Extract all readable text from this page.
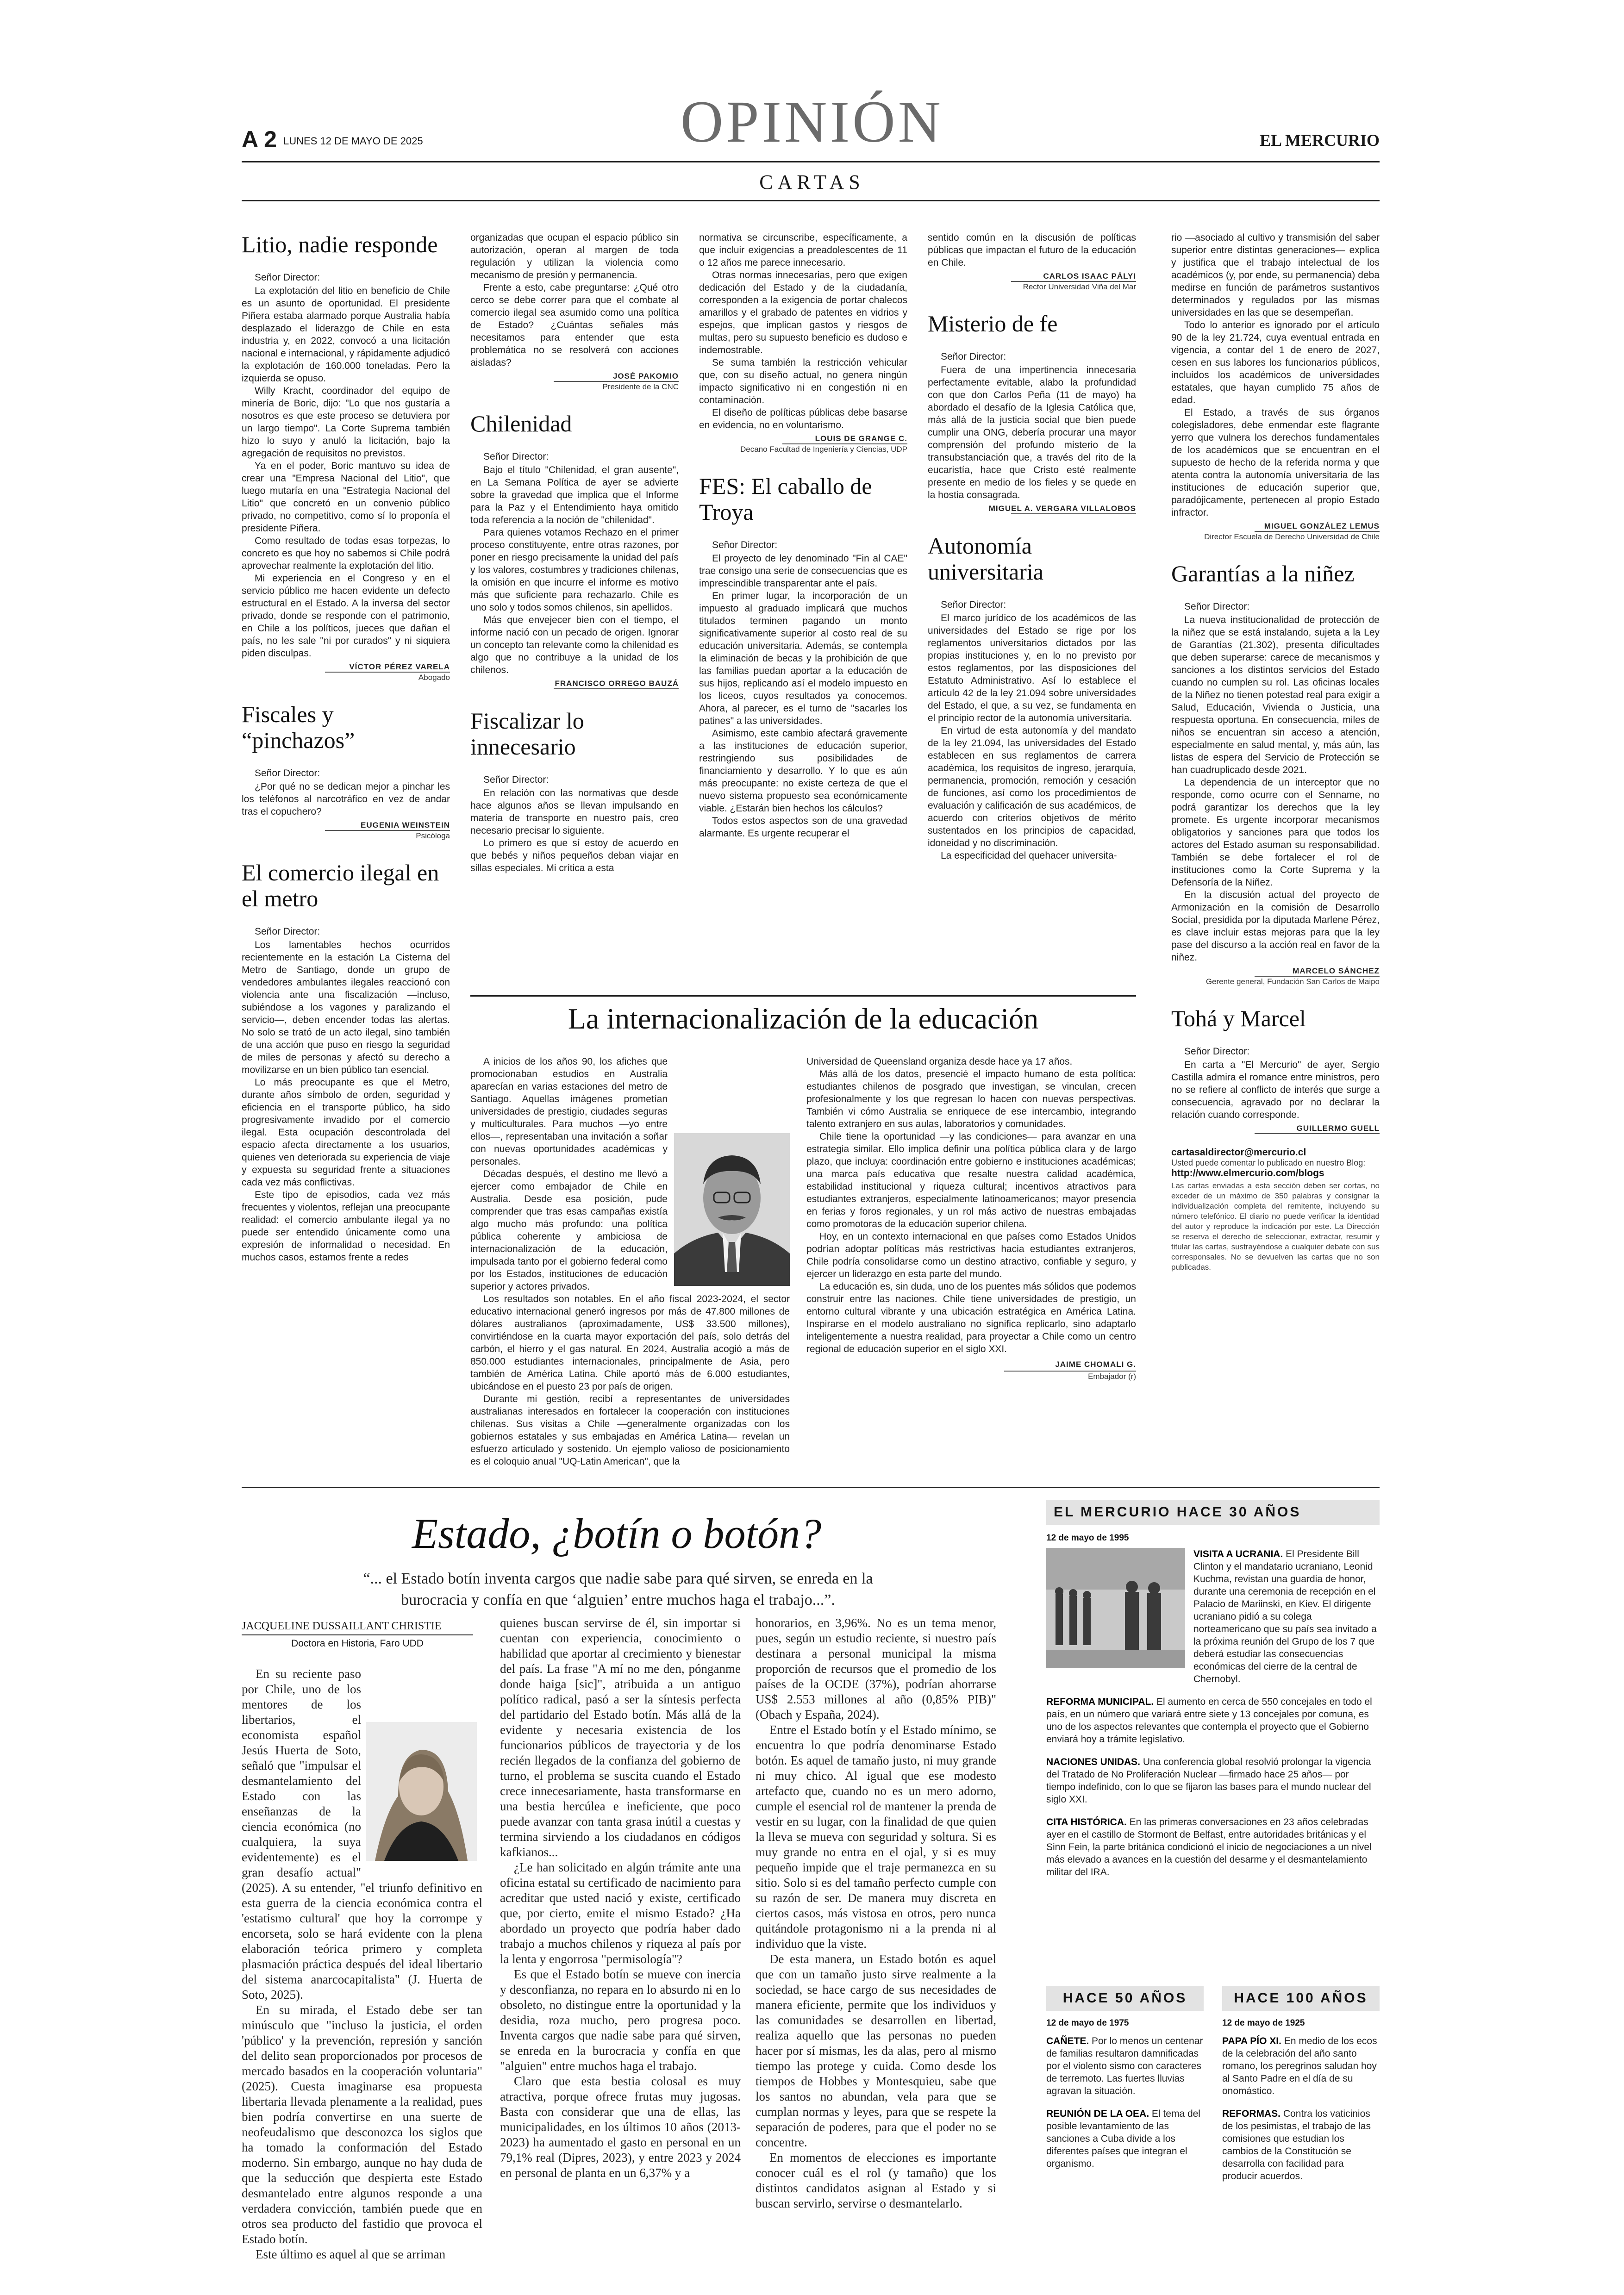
A 2 LUNES 12 DE MAYO DE 2025	OPINIÓN	EL MERCURIO
CARTAS
Litio, nadie responde
Señor Director:

La explotación del litio en beneficio de Chile es un asunto de oportunidad. El presidente Piñera estaba alarmado porque Australia había desplazado el liderazgo de Chile en esta industria y, en 2022, convocó a una licitación nacional e internacional, y rápidamente adjudicó la explotación de 160.000 toneladas. Pero la izquierda se opuso.

Willy Kracht, coordinador del equipo de minería de Boric, dijo: "Lo que nos gustaría a nosotros es que este proceso se detuviera por un largo tiempo". La Corte Suprema también hizo lo suyo y anuló la licitación, bajo la agregación de requisitos no previstos.

Ya en el poder, Boric mantuvo su idea de crear una "Empresa Nacional del Litio", que luego mutaría en una "Estrategia Nacional del Litio" que concretó en un convenio público privado, no competitivo, como sí lo proponía el presidente Piñera.

Como resultado de todas esas torpezas, lo concreto es que hoy no sabemos si Chile podrá aprovechar realmente la explotación del litio.

Mi experiencia en el Congreso y en el servicio público me hacen evidente un defecto estructural en el Estado. A la inversa del sector privado, donde se responde con el patrimonio, en Chile a los políticos, jueces que dañan el país, no les sale "ni por curados" y ni siquiera piden disculpas.

VÍCTOR PÉREZ VARELA
Abogado
Fiscales y “pinchazos”
Señor Director:

¿Por qué no se dedican mejor a pinchar les los teléfonos al narcotráfico en vez de andar tras el copuchero?

EUGENIA WEINSTEIN
Psicóloga
El comercio ilegal en el metro
Señor Director:

Los lamentables hechos ocurridos recientemente en la estación La Cisterna del Metro de Santiago, donde un grupo de vendedores ambulantes ilegales reaccionó con violencia ante una fiscalización —incluso, subiéndose a los vagones y paralizando el servicio—, deben encender todas las alertas. No solo se trató de un acto ilegal, sino también de una acción que puso en riesgo la seguridad de miles de personas y afectó su derecho a movilizarse en un bien público tan esencial.

Lo más preocupante es que el Metro, durante años símbolo de orden, seguridad y eficiencia en el transporte público, ha sido progresivamente invadido por el comercio ilegal. Esta ocupación descontrolada del espacio afecta directamente a los usuarios, quienes ven deteriorada su experiencia de viaje y expuesta su seguridad frente a situaciones cada vez más conflictivas.

Este tipo de episodios, cada vez más frecuentes y violentos, reflejan una preocupante realidad: el comercio ambulante ilegal ya no puede ser entendido únicamente como una expresión de informalidad o necesidad. En muchos casos, estamos frente a redes

organizadas que ocupan el espacio público sin autorización, operan al margen de toda regulación y utilizan la violencia como mecanismo de presión y permanencia.

Frente a esto, cabe preguntarse: ¿Qué otro cerco se debe correr para que el combate al comercio ilegal sea asumido como una política de Estado? ¿Cuántas señales más necesitamos para entender que esta problemática no se resolverá con acciones aisladas?

JOSÉ PAKOMIO
Presidente de la CNC
Chilenidad
Señor Director:

Bajo el título "Chilenidad, el gran ausente", en La Semana Política de ayer se advierte sobre la gravedad que implica que el Informe para la Paz y el Entendimiento haya omitido toda referencia a la noción de "chilenidad".

Para quienes votamos Rechazo en el primer proceso constituyente, entre otras razones, por poner en riesgo precisamente la unidad del país y los valores, costumbres y tradiciones chilenas, la omisión en que incurre el informe es motivo más que suficiente para rechazarlo. Chile es uno solo y todos somos chilenos, sin apellidos.

Más que envejecer bien con el tiempo, el informe nació con un pecado de origen. Ignorar un concepto tan relevante como la chilenidad es algo que no contribuye a la unidad de los chilenos.

FRANCISCO ORREGO BAUZÁ
Fiscalizar lo innecesario
Señor Director:

En relación con las normativas que desde hace algunos años se llevan impulsando en materia de transporte en nuestro país, creo necesario precisar lo siguiente.

Lo primero es que sí estoy de acuerdo en que bebés y niños pequeños deban viajar en sillas especiales. Mi crítica a esta

normativa se circunscribe, específicamente, a que incluir exigencias a preadolescentes de 11 o 12 años me parece innecesario.

Otras normas innecesarias, pero que exigen dedicación del Estado y de la ciudadanía, corresponden a la exigencia de portar chalecos amarillos y el grabado de patentes en vidrios y espejos, que implican gastos y riesgos de multas, pero su supuesto beneficio es dudoso e indemostrable.

Se suma también la restricción vehicular que, con su diseño actual, no genera ningún impacto significativo ni en congestión ni en contaminación.

El diseño de políticas públicas debe basarse en evidencia, no en voluntarismo.

LOUIS DE GRANGE C.
Decano Facultad de Ingeniería y Ciencias, UDP
FES: El caballo de Troya
Señor Director:

El proyecto de ley denominado "Fin al CAE" trae consigo una serie de consecuencias que es imprescindible transparentar ante el país.

En primer lugar, la incorporación de un impuesto al graduado implicará que muchos titulados terminen pagando un monto significativamente superior al costo real de su educación universitaria. Además, se contempla la eliminación de becas y la prohibición de que las familias puedan aportar a la educación de sus hijos, replicando así el modelo impuesto en los liceos, cuyos resultados ya conocemos. Ahora, al parecer, es el turno de "sacarles los patines" a las universidades.

Asimismo, este cambio afectará gravemente a las instituciones de educación superior, restringiendo sus posibilidades de financiamiento y desarrollo. Y lo que es aún más preocupante: no existe certeza de que el nuevo sistema propuesto sea económicamente viable. ¿Estarán bien hechos los cálculos?

Todos estos aspectos son de una gravedad alarmante. Es urgente recuperar el

sentido común en la discusión de políticas públicas que impactan el futuro de la educación en Chile.

CARLOS ISAAC PÁLYI
Rector Universidad Viña del Mar
Misterio de fe
Señor Director:

Fuera de una impertinencia innecesaria perfectamente evitable, alabo la profundidad con que don Carlos Peña (11 de mayo) ha abordado el desafío de la Iglesia Católica que, más allá de la justicia social que bien puede cumplir una ONG, debería procurar una mayor comprensión del profundo misterio de la transubstanciación que, a través del rito de la eucaristía, hace que Cristo esté realmente presente en medio de los fieles y se quede en la hostia consagrada.

MIGUEL A. VERGARA VILLALOBOS
Autonomía universitaria
Señor Director:

El marco jurídico de los académicos de las universidades del Estado se rige por los reglamentos universitarios dictados por las propias instituciones y, en lo no previsto por estos reglamentos, por las disposiciones del Estatuto Administrativo. Así lo establece el artículo 42 de la ley 21.094 sobre universidades del Estado, el que, a su vez, se fundamenta en el principio rector de la autonomía universitaria.

En virtud de esta autonomía y del mandato de la ley 21.094, las universidades del Estado establecen en sus reglamentos de carrera académica, los requisitos de ingreso, jerarquía, permanencia, promoción, remoción y cesación de funciones, así como los procedimientos de evaluación y calificación de sus académicos, de acuerdo con criterios objetivos de mérito sustentados en los principios de capacidad, idoneidad y no discriminación.

La especificidad del quehacer universita-

rio —asociado al cultivo y transmisión del saber superior entre distintas generaciones— explica y justifica que el trabajo intelectual de los académicos (y, por ende, su permanencia) deba medirse en función de parámetros sustantivos determinados y regulados por las mismas universidades en las que se desempeñan.

Todo lo anterior es ignorado por el artículo 90 de la ley 21.724, cuya eventual entrada en vigencia, a contar del 1 de enero de 2027, cesen en sus labores los funcionarios públicos, incluidos los académicos de universidades estatales, que hayan cumplido 75 años de edad.

El Estado, a través de sus órganos colegisladores, debe enmendar este flagrante yerro que vulnera los derechos fundamentales de los académicos que se encuentran en el supuesto de hecho de la referida norma y que atenta contra la autonomía universitaria de las instituciones de educación superior que, paradójicamente, pertenecen al propio Estado infractor.

MIGUEL GONZÁLEZ LEMUS
Director Escuela de Derecho Universidad de Chile
Garantías a la niñez
Señor Director:

La nueva institucionalidad de protección de la niñez que se está instalando, sujeta a la Ley de Garantías (21.302), presenta dificultades que deben superarse: carece de mecanismos y sanciones a los distintos servicios del Estado cuando no cumplen su rol. Las oficinas locales de la Niñez no tienen potestad real para exigir a Salud, Educación, Vivienda o Justicia, una respuesta oportuna. En consecuencia, miles de niños se encuentran sin acceso a atención, especialmente en salud mental, y, más aún, las listas de espera del Servicio de Protección se han cuadruplicado desde 2021.

La dependencia de un interceptor que no responde, como ocurre con el Senname, no podrá garantizar los derechos que la ley promete. Es urgente incorporar mecanismos obligatorios y sanciones para que todos los actores del Estado asuman su responsabilidad. También se debe fortalecer el rol de instituciones como la Corte Suprema y la Defensoría de la Niñez.

En la discusión actual del proyecto de Armonización en la comisión de Desarrollo Social, presidida por la diputada Marlene Pérez, es clave incluir estas mejoras para que la ley pase del discurso a la acción real en favor de la niñez.

MARCELO SÁNCHEZ
Gerente general, Fundación San Carlos de Maipo
Tohá y Marcel
Señor Director:

En carta a "El Mercurio" de ayer, Sergio Castilla admira el romance entre ministros, pero no se refiere al conflicto de interés que surge a consecuencia, agravado por no declarar la relación cuando corresponde.

GUILLERMO GUELL
cartasaldirector@mercurio.cl
Usted puede comentar lo publicado en nuestro Blog:
http://www.elmercurio.com/blogs
Las cartas enviadas a esta sección deben ser cortas, no exceder de un máximo de 350 palabras y consignar la individualización completa del remitente, incluyendo su número telefónico. El diario no puede verificar la identidad del autor y reproduce la indicación por este. La Dirección se reserva el derecho de seleccionar, extractar, resumir y titular las cartas, sustrayéndose a cualquier debate con sus corresponsales. No se devuelven las cartas que no son publicadas.
La internacionalización de la educación

A inicios de los años 90, los afiches que promocionaban estudios en Australia aparecían en varias estaciones del metro de Santiago. Aquellas imágenes prometían universidades de prestigio, ciudades seguras y multiculturales. Para muchos —yo entre ellos—, representaban una invitación a soñar con nuevas oportunidades académicas y personales.

Décadas después, el destino me llevó a ejercer como embajador de Chile en Australia. Desde esa posición, pude comprender que tras esas campañas existía algo mucho más profundo: una política pública coherente y ambiciosa de internacionalización de la educación, impulsada tanto por el gobierno federal como por los Estados, instituciones de educación superior y actores privados.

Los resultados son notables. En el año fiscal 2023-2024, el sector educativo internacional generó ingresos por más de 47.800 millones de dólares australianos (aproximadamente, US$ 33.500 millones), convirtiéndose en la cuarta mayor exportación del país, solo detrás del carbón, el hierro y el gas natural. En 2024, Australia acogió a más de 850.000 estudiantes internacionales, principalmente de Asia, pero también de América Latina. Chile aportó más de 6.000 estudiantes, ubicándose en el puesto 23 por país de origen.

Durante mi gestión, recibí a representantes de universidades australianas interesados en fortalecer la cooperación con instituciones chilenas. Sus visitas a Chile —generalmente organizadas con los gobiernos estatales y sus embajadas en América Latina— revelan un esfuerzo articulado y sostenido. Un ejemplo valioso de posicionamiento es el coloquio anual "UQ-Latin American", que la

Universidad de Queensland organiza desde hace ya 17 años.

Más allá de los datos, presencié el impacto humano de esta política: estudiantes chilenos de posgrado que investigan, se vinculan, crecen profesionalmente y los que regresan lo hacen con nuevas perspectivas. También vi cómo Australia se enriquece de ese intercambio, integrando talento extranjero en sus aulas, laboratorios y comunidades.

Chile tiene la oportunidad —y las condiciones— para avanzar en una estrategia similar. Ello implica definir una política pública clara y de largo plazo, que incluya: coordinación entre gobierno e instituciones académicas; una marca país educativa que resalte nuestra calidad académica, estabilidad institucional y riqueza cultural; incentivos atractivos para estudiantes extranjeros, especialmente latinoamericanos; mayor presencia en ferias y foros regionales, y un rol más activo de nuestras embajadas como promotoras de la educación superior chilena.

Hoy, en un contexto internacional en que países como Estados Unidos podrían adoptar políticas más restrictivas hacia estudiantes extranjeros, Chile podría consolidarse como un destino atractivo, confiable y seguro, y ejercer un liderazgo en esta parte del mundo.

La educación es, sin duda, uno de los puentes más sólidos que podemos construir entre las naciones. Chile tiene universidades de prestigio, un entorno cultural vibrante y una ubicación estratégica en América Latina. Inspirarse en el modelo australiano no significa replicarlo, sino adaptarlo inteligentemente a nuestra realidad, para proyectar a Chile como un centro regional de educación superior en el siglo XXI.

JAIME CHOMALI G.
Embajador (r)
Estado, ¿botín o botón?
“... el Estado botín inventa cargos que nadie sabe para qué sirven, se enreda en la burocracia y confía en que ‘alguien’ entre muchos haga el trabajo...”.
JACQUELINE DUSSAILLANT CHRISTIE
Doctora en Historia, Faro UDD

En su reciente paso por Chile, uno de los mentores de los libertarios, el economista español Jesús Huerta de Soto, señaló que "impulsar el desmantelamiento del Estado con las enseñanzas de la ciencia económica (no cualquiera, la suya evidentemente) es el gran desafío actual" (2025). A su entender, "el triunfo definitivo en esta guerra de la ciencia económica contra el 'estatismo cultural' que hoy la corrompe y encorseta, solo se hará evidente con la plena elaboración teórica primero y completa plasmación práctica después del ideal libertario del sistema anarcocapitalista" (J. Huerta de Soto, 2025).

En su mirada, el Estado debe ser tan minúsculo que "incluso la justicia, el orden 'público' y la prevención, represión y sanción del delito sean proporcionados por procesos de mercado basados en la cooperación voluntaria" (2025). Cuesta imaginarse esa propuesta libertaria llevada plenamente a la realidad, pues bien podría convertirse en una suerte de neofeudalismo que desconozca los siglos que ha tomado la conformación del Estado moderno. Sin embargo, aunque no hay duda de que la seducción que despierta este Estado desmantelado entre algunos responde a una verdadera convicción, también puede que en otros sea producto del fastidio que provoca el Estado botín.

Este último es aquel al que se arriman

quienes buscan servirse de él, sin importar si cuentan con experiencia, conocimiento o habilidad que aportar al crecimiento y bienestar del país. La frase "A mí no me den, pónganme donde haiga [sic]", atribuida a un antiguo político radical, pasó a ser la síntesis perfecta del partidario del Estado botín. Más allá de la evidente y necesaria existencia de los funcionarios públicos de trayectoria y de los recién llegados de la confianza del gobierno de turno, el problema se suscita cuando el Estado crece innecesariamente, hasta transformarse en una bestia hercúlea e ineficiente, que poco puede avanzar con tanta grasa inútil a cuestas y termina sirviendo a los ciudadanos en códigos kafkianos...

¿Le han solicitado en algún trámite ante una oficina estatal su certificado de nacimiento para acreditar que usted nació y existe, certificado que, por cierto, emite el mismo Estado? ¿Ha abordado un proyecto que podría haber dado trabajo a muchos chilenos y riqueza al país por la lenta y engorrosa "permisología"?

Es que el Estado botín se mueve con inercia y desconfianza, no repara en lo absurdo ni en lo obsoleto, no distingue entre la oportunidad y la desidia, roza mucho, pero progresa poco. Inventa cargos que nadie sabe para qué sirven, se enreda en la burocracia y confía en que "alguien" entre muchos haga el trabajo.

Claro que esta bestia colosal es muy atractiva, porque ofrece frutas muy jugosas. Basta con considerar que una de ellas, las municipalidades, en los últimos 10 años (2013-2023) ha aumentado el gasto en personal en un 79,1% real (Dipres, 2023), y entre 2023 y 2024 en personal de planta en un 6,37% y a

honorarios, en 3,96%. No es un tema menor, pues, según un estudio reciente, si nuestro país destinara a personal municipal la misma proporción de recursos que el promedio de los países de la OCDE (37%), podrían ahorrarse US$ 2.553 millones al año (0,85% PIB)" (Obach y España, 2024).

Entre el Estado botín y el Estado mínimo, se encuentra lo que podría denominarse Estado botón. Es aquel de tamaño justo, ni muy grande ni muy chico. Al igual que ese modesto artefacto que, cuando no es un mero adorno, cumple el esencial rol de mantener la prenda de vestir en su lugar, con la finalidad de que quien la lleva se mueva con seguridad y soltura. Si es muy grande no entra en el ojal, y si es muy pequeño impide que el traje permanezca en su sitio. Solo si es del tamaño perfecto cumple con su razón de ser. De manera muy discreta en ciertos casos, más vistosa en otros, pero nunca quitándole protagonismo ni a la prenda ni al individuo que la viste.

De esta manera, un Estado botón es aquel que con un tamaño justo sirve realmente a la sociedad, se hace cargo de sus necesidades de manera eficiente, permite que los individuos y las comunidades se desarrollen en libertad, realiza aquello que las personas no pueden hacer por sí mismas, les da alas, pero al mismo tiempo las protege y cuida. Como desde los tiempos de Hobbes y Montesquieu, sabe que los santos no abundan, vela para que se cumplan normas y leyes, para que se respete la separación de poderes, para que el poder no se concentre.

En momentos de elecciones es importante conocer cuál es el rol (y tamaño) que los distintos candidatos asignan al Estado y si buscan servirlo, servirse o desmantelarlo.

EL MERCURIO HACE 30 AÑOS
12 de mayo de 1995
VISITA A UCRANIA. El Presidente Bill Clinton y el mandatario ucraniano, Leonid Kuchma, revistan una guardia de honor, durante una ceremonia de recepción en el Palacio de Mariinski, en Kiev. El dirigente ucraniano pidió a su colega norteamericano que su país sea invitado a la próxima reunión del Grupo de los 7 que deberá estudiar las consecuencias económicas del cierre de la central de Chernobyl.
REFORMA MUNICIPAL. El aumento en cerca de 550 concejales en todo el país, en un número que variará entre siete y 13 concejales por comuna, es uno de los aspectos relevantes que contempla el proyecto que el Gobierno enviará hoy a trámite legislativo.
NACIONES UNIDAS. Una conferencia global resolvió prolongar la vigencia del Tratado de No Proliferación Nuclear —firmado hace 25 años— por tiempo indefinido, con lo que se fijaron las bases para el mundo nuclear del siglo XXI.
CITA HISTÓRICA. En las primeras conversaciones en 23 años celebradas ayer en el castillo de Stormont de Belfast, entre autoridades británicas y el Sinn Fein, la parte británica condicionó el inicio de negociaciones a un nivel más elevado a avances en la cuestión del desarme y el desmantelamiento militar del IRA.
HACE 50 AÑOS
12 de mayo de 1975
CAÑETE. Por lo menos un centenar de familias resultaron damnificadas por el violento sismo con caracteres de terremoto. Las fuertes lluvias agravan la situación.
REUNIÓN DE LA OEA. El tema del posible levantamiento de las sanciones a Cuba divide a los diferentes países que integran el organismo.
HACE 100 AÑOS
12 de mayo de 1925
PAPA PÍO XI. En medio de los ecos de la celebración del año santo romano, los peregrinos saludan hoy al Santo Padre en el día de su onomástico.
REFORMAS. Contra los vaticinios de los pesimistas, el trabajo de las comisiones que estudian los cambios de la Constitución se desarrolla con facilidad para producir acuerdos.
